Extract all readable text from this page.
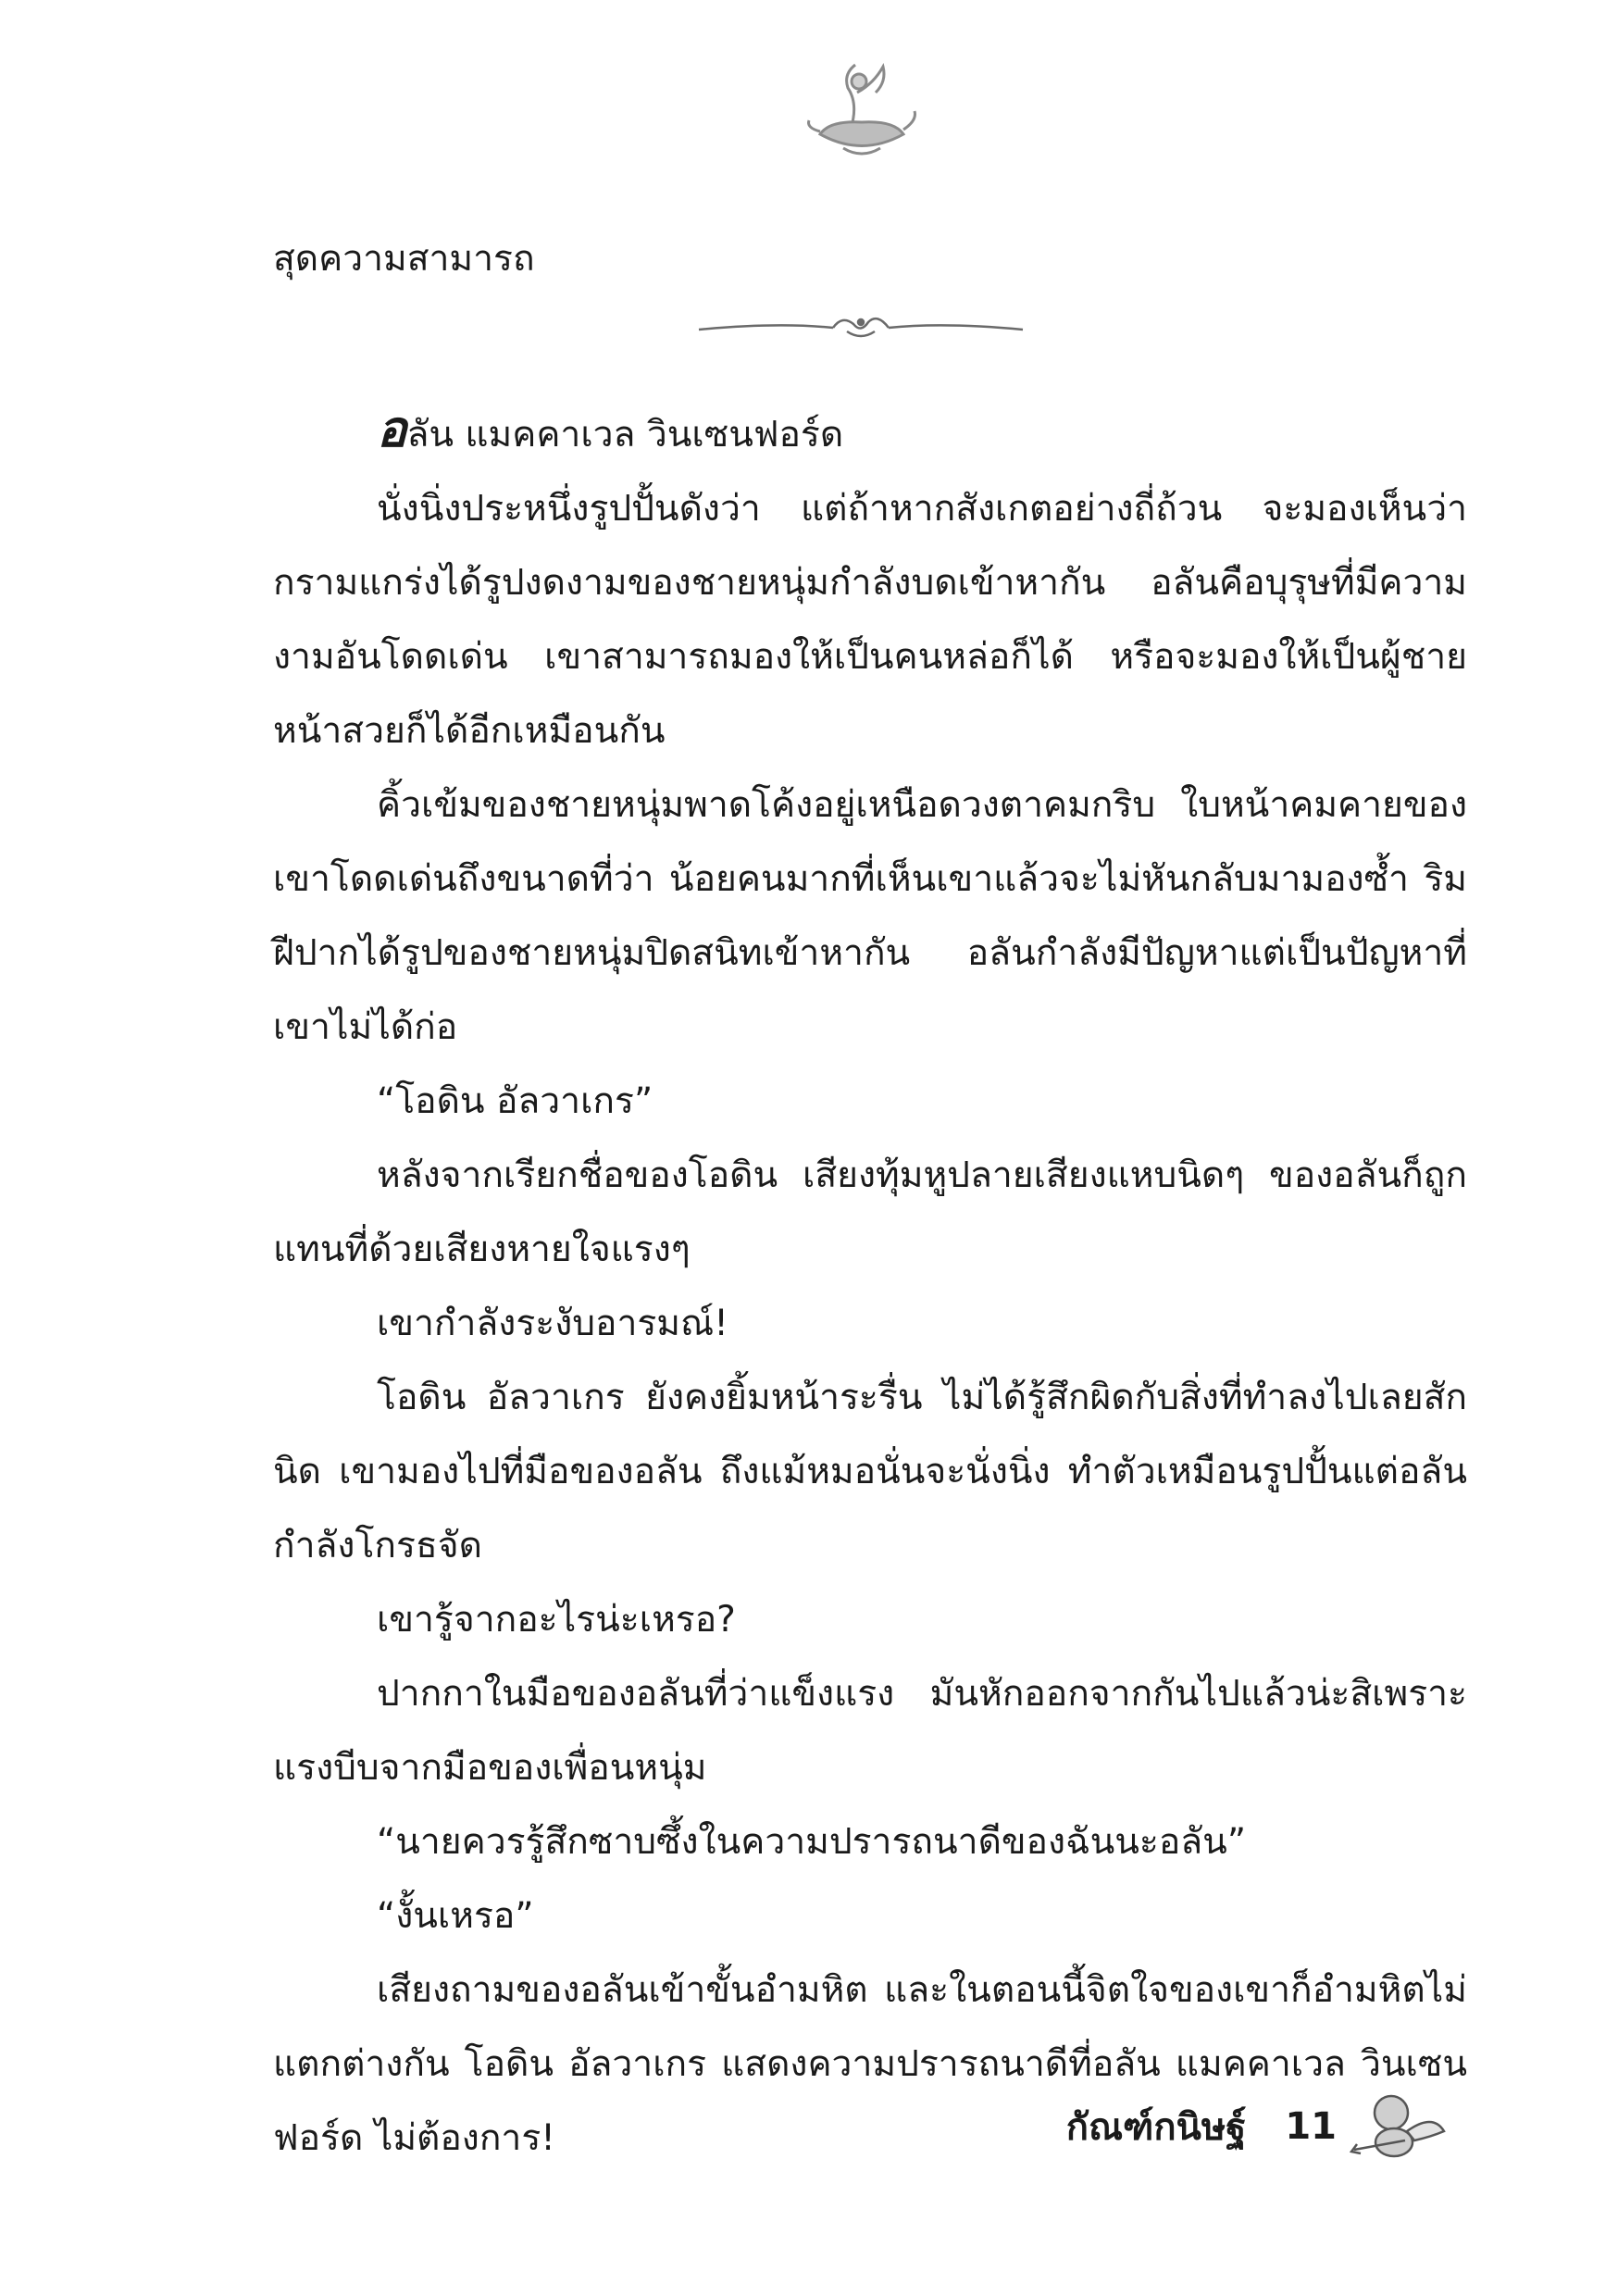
สุดความสามารถ

อลัน แมคคาเวล วินเซนฟอร์ด

นั่งนิ่งประหนึ่งรูปปั้นดังว่า แต่ถ้าหากสังเกตอย่างถี่ถ้วน จะมองเห็นว่ากรามแกร่งได้รูปงดงามของชายหนุ่มกำลังบดเข้าหากัน อลันคือบุรุษที่มีความงามอันโดดเด่น เขาสามารถมองให้เป็นคนหล่อก็ได้ หรือจะมองให้เป็นผู้ชายหน้าสวยก็ได้อีกเหมือนกัน

คิ้วเข้มของชายหนุ่มพาดโค้งอยู่เหนือดวงตาคมกริบ ใบหน้าคมคายของเขาโดดเด่นถึงขนาดที่ว่า น้อยคนมากที่เห็นเขาแล้วจะไม่หันกลับมามองซ้ำ ริมฝีปากได้รูปของชายหนุ่มปิดสนิทเข้าหากัน อลันกำลังมีปัญหาแต่เป็นปัญหาที่เขาไม่ได้ก่อ

“โอดิน อัลวาเกร”

หลังจากเรียกชื่อของโอดิน เสียงทุ้มหูปลายเสียงแหบนิดๆ ของอลันก็ถูกแทนที่ด้วยเสียงหายใจแรงๆ

เขากำลังระงับอารมณ์!

โอดิน อัลวาเกร ยังคงยิ้มหน้าระรื่น ไม่ได้รู้สึกผิดกับสิ่งที่ทำลงไปเลยสักนิด เขามองไปที่มือของอลัน ถึงแม้หมอนั่นจะนั่งนิ่ง ทำตัวเหมือนรูปปั้นแต่อลันกำลังโกรธจัด

เขารู้จากอะไรน่ะเหรอ?

ปากกาในมือของอลันที่ว่าแข็งแรง มันหักออกจากกันไปแล้วน่ะสิเพราะแรงบีบจากมือของเพื่อนหนุ่ม

“นายควรรู้สึกซาบซึ้งในความปรารถนาดีของฉันนะอลัน”

“งั้นเหรอ”

เสียงถามของอลันเข้าขั้นอำมหิต และในตอนนี้จิตใจของเขาก็อำมหิตไม่แตกต่างกัน โอดิน อัลวาเกร แสดงความปรารถนาดีที่อลัน แมคคาเวล วินเซนฟอร์ด ไม่ต้องการ!	กัณฑ์กนิษฐ์ 11
